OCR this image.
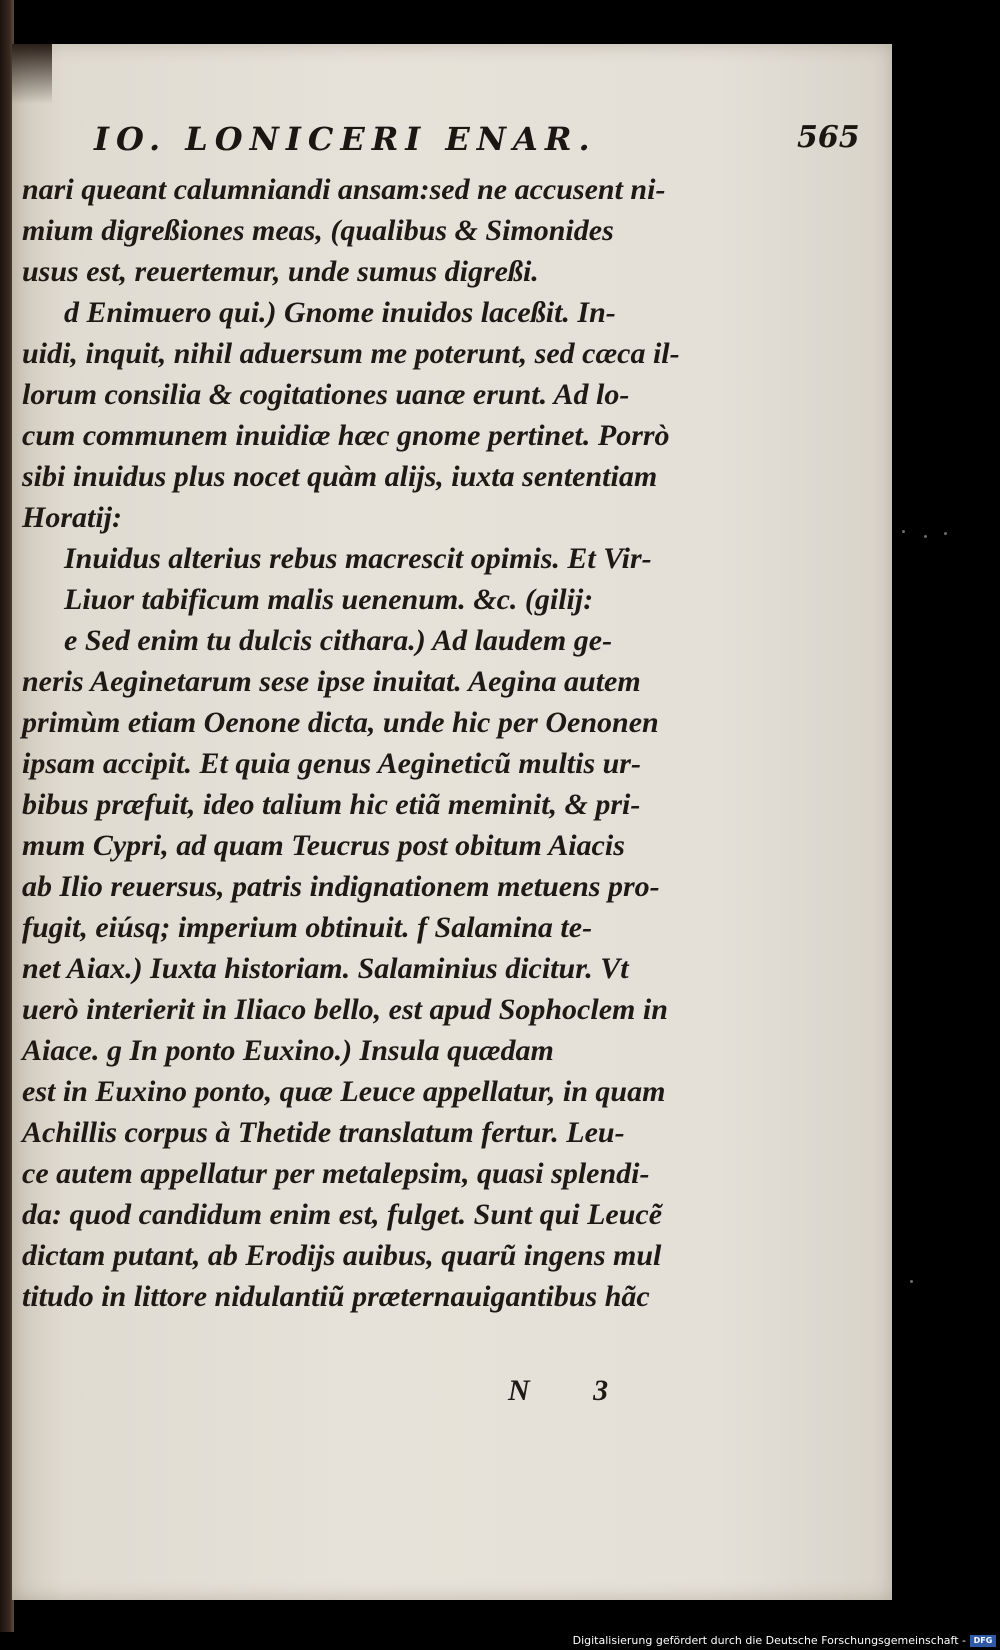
IO. LONICERI ENAR.	565
nari queant calumniandi ansam:sed ne accusent ni-
mium digreßiones meas, (qualibus & Simonides
usus est, reuertemur, unde sumus digreßi.
d Enimuero qui.) Gnome inuidos laceßit. In-
uidi, inquit, nihil aduersum me poterunt, sed cæca il-
lorum consilia & cogitationes uanæ erunt. Ad lo-
cum communem inuidiæ hæc gnome pertinet. Porrò
sibi inuidus plus nocet quàm alijs, iuxta sententiam
Horatij:
Inuidus alterius rebus macrescit opimis. Et Vir-
Liuor tabificum malis uenenum. &c. (gilij:
e Sed enim tu dulcis cithara.) Ad laudem ge-
neris Aeginetarum sese ipse inuitat. Aegina autem
primùm etiam Oenone dicta, unde hic per Oenonen
ipsam accipit. Et quia genus Aegineticũ multis ur-
bibus præfuit, ideo talium hic etiã meminit, & pri-
mum Cypri, ad quam Teucrus post obitum Aiacis
ab Ilio reuersus, patris indignationem metuens pro-
fugit, eiúsq; imperium obtinuit. f Salamina te-
net Aiax.) Iuxta historiam. Salaminius dicitur. Vt
uerò interierit in Iliaco bello, est apud Sophoclem in
Aiace. g In ponto Euxino.) Insula quædam
est in Euxino ponto, quæ Leuce appellatur, in quam
Achillis corpus à Thetide translatum fertur. Leu-
ce autem appellatur per metalepsim, quasi splendi-
da: quod candidum enim est, fulget. Sunt qui Leucẽ
dictam putant, ab Erodijs auibus, quarũ ingens mul
titudo in littore nidulantiũ præternauigantibus hãc
N 3
Digitalisierung gefördert durch die Deutsche Forschungsgemeinschaft - DFG
